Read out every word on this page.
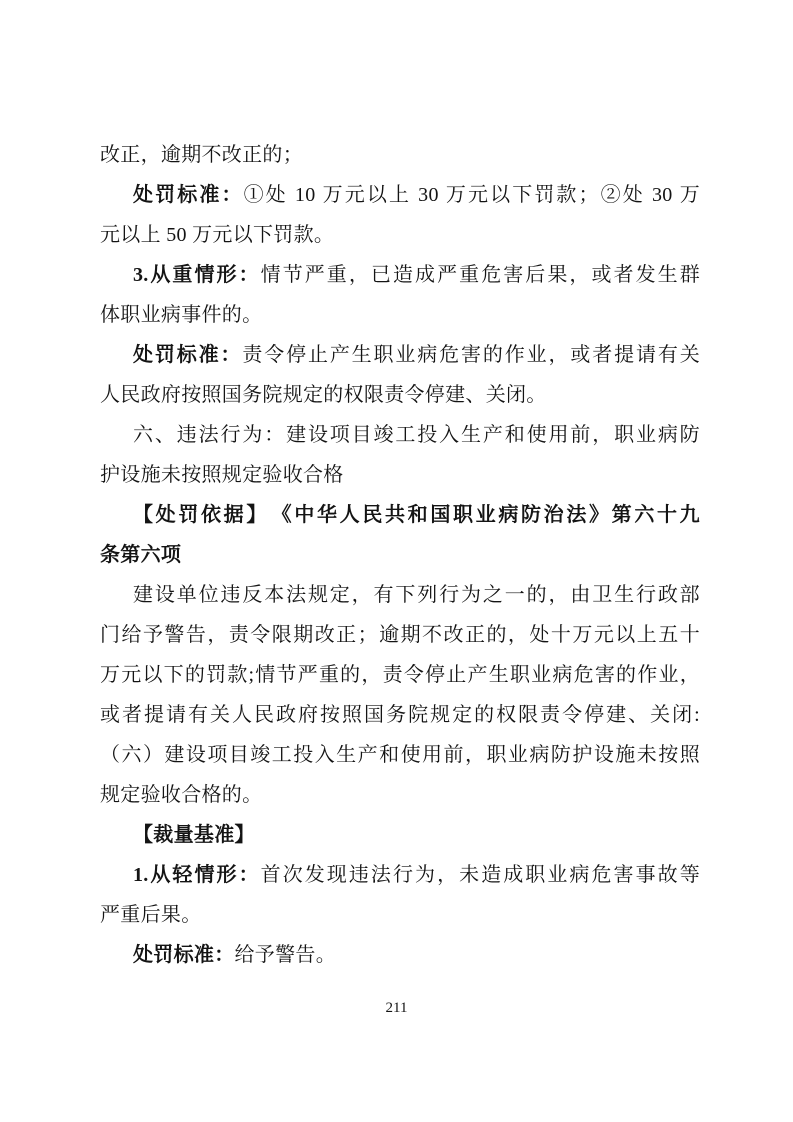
改正，逾期不改正的；
处罚标准：①处 10 万元以上 30 万元以下罚款；②处 30 万
元以上 50 万元以下罚款。
3.从重情形：情节严重，已造成严重危害后果，或者发生群
体职业病事件的。
处罚标准：责令停止产生职业病危害的作业，或者提请有关
人民政府按照国务院规定的权限责令停建、关闭。
六、违法行为：建设项目竣工投入生产和使用前，职业病防
护设施未按照规定验收合格
【处罚依据】　《中华人民共和国职业病防治法》第六十九
条第六项
建设单位违反本法规定，有下列行为之一的，由卫生行政部
门给予警告，责令限期改正；逾期不改正的，处十万元以上五十
万元以下的罚款;情节严重的，责令停止产生职业病危害的作业，
或者提请有关人民政府按照国务院规定的权限责令停建、关闭:
（六）建设项目竣工投入生产和使用前，职业病防护设施未按照
规定验收合格的。
【裁量基准】
1.从轻情形：首次发现违法行为，未造成职业病危害事故等
严重后果。
处罚标准：给予警告。
211
